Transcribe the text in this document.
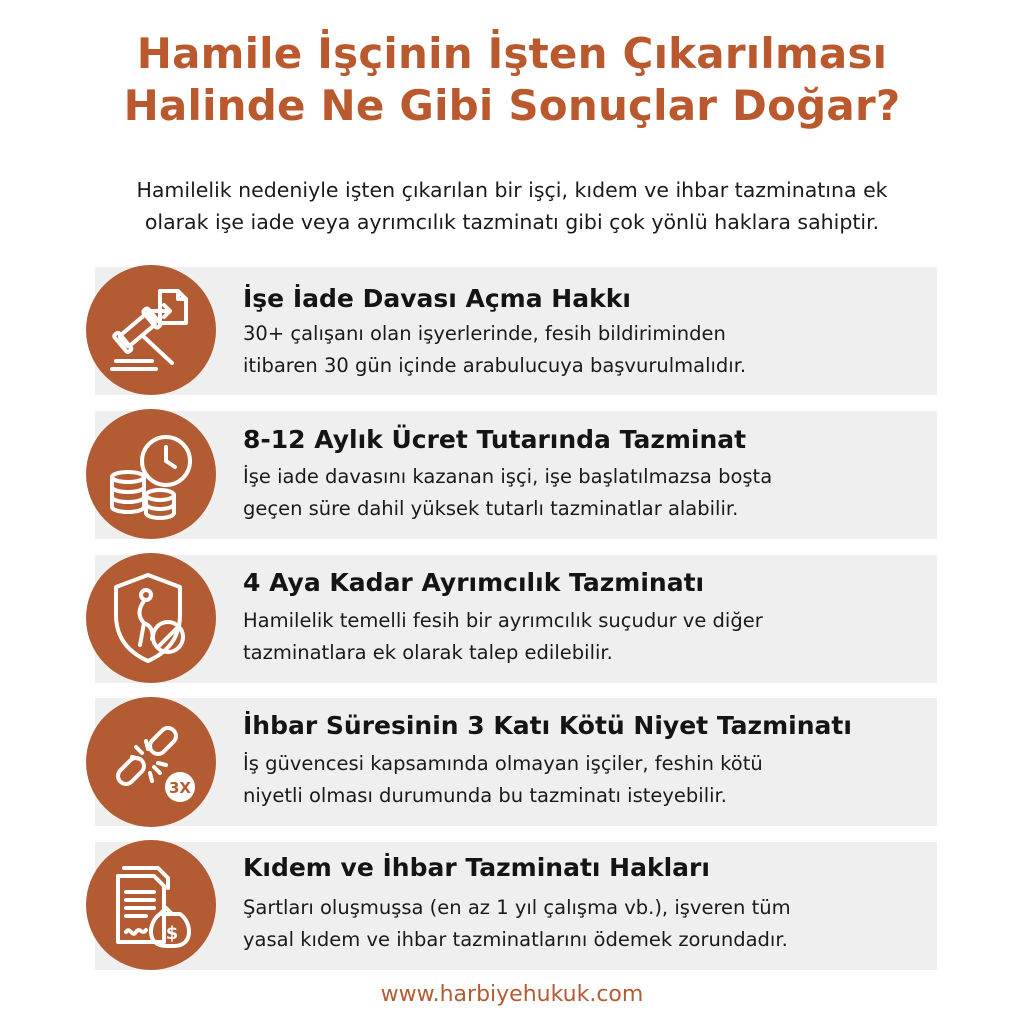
Hamile İşçinin İşten Çıkarılması
Halinde Ne Gibi Sonuçlar Doğar?
Hamilelik nedeniyle işten çıkarılan bir işçi, kıdem ve ihbar tazminatına ek
olarak işe iade veya ayrımcılık tazminatı gibi çok yönlü haklara sahiptir.
İşe İade Davası Açma Hakkı
30+ çalışanı olan işyerlerinde, fesih bildiriminden
itibaren 30 gün içinde arabulucuya başvurulmalıdır.
8-12 Aylık Ücret Tutarında Tazminat
İşe iade davasını kazanan işçi, işe başlatılmazsa boşta
geçen süre dahil yüksek tutarlı tazminatlar alabilir.
4 Aya Kadar Ayrımcılık Tazminatı
Hamilelik temelli fesih bir ayrımcılık suçudur ve diğer
tazminatlara ek olarak talep edilebilir.
3X
İhbar Süresinin 3 Katı Kötü Niyet Tazminatı
İş güvencesi kapsamında olmayan işçiler, feshin kötü
niyetli olması durumunda bu tazminatı isteyebilir.
$
Kıdem ve İhbar Tazminatı Hakları
Şartları oluşmuşsa (en az 1 yıl çalışma vb.), işveren tüm
yasal kıdem ve ihbar tazminatlarını ödemek zorundadır.
www.harbiyehukuk.com
